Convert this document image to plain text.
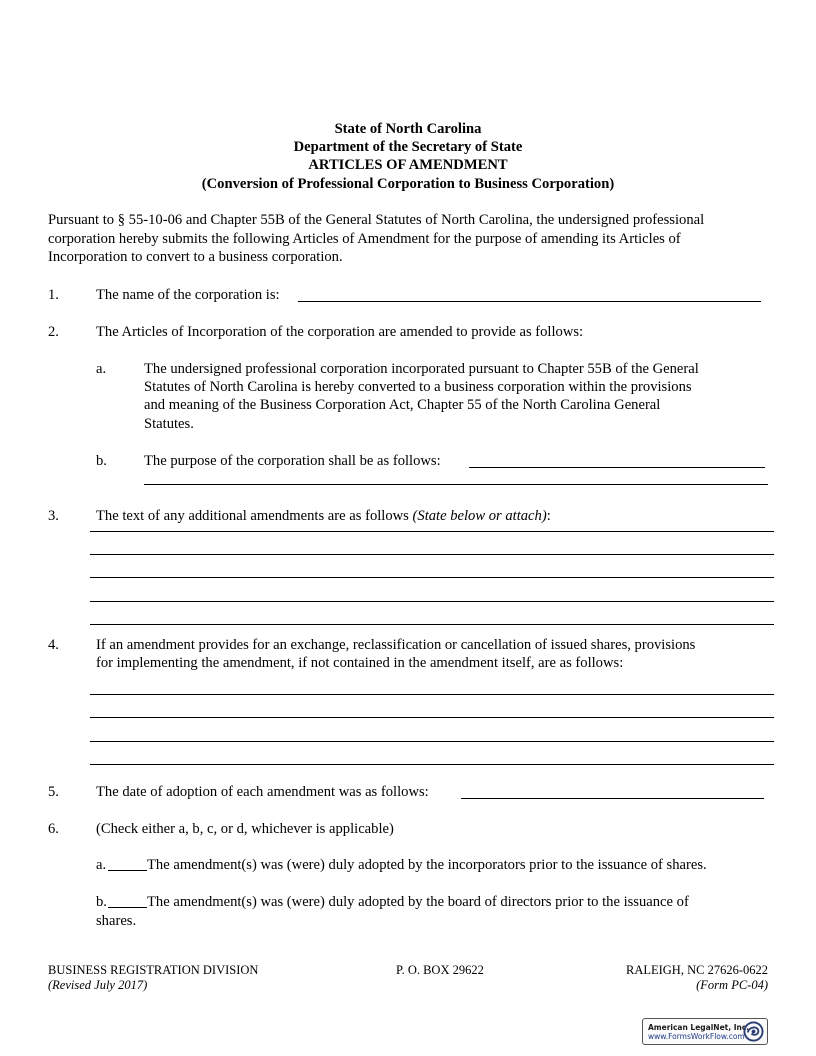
State of North Carolina
Department of the Secretary of State
ARTICLES OF AMENDMENT
(Conversion of Professional Corporation to Business Corporation)
Pursuant to § 55-10-06 and Chapter 55B of the General Statutes of North Carolina, the undersigned professional
corporation hereby submits the following Articles of Amendment for the purpose of amending its Articles of
Incorporation to convert to a business corporation.
1.	The name of the corporation is:
2.	The Articles of Incorporation of the corporation are amended to provide as follows:
a.	The undersigned professional corporation incorporated pursuant to Chapter 55B of the General
Statutes of North Carolina is hereby converted to a business corporation within the provisions
and meaning of the Business Corporation Act, Chapter 55 of the North Carolina General
Statutes.
b.	The purpose of the corporation shall be as follows:
3.	The text of any additional amendments are as follows (State below or attach):
4.	If an amendment provides for an exchange, reclassification or cancellation of issued shares, provisions
for implementing the amendment, if not contained in the amendment itself, are as follows:
5.	The date of adoption of each amendment was as follows:
6.	(Check either a, b, c, or d, whichever is applicable)
a.	The amendment(s) was (were) duly adopted by the incorporators prior to the issuance of shares.
b.	The amendment(s) was (were) duly adopted by the board of directors prior to the issuance of
shares.
BUSINESS REGISTRATION DIVISION
(Revised July 2017)
P. O. BOX 29622	RALEIGH, NC 27626-0622
(Form PC-04)
American LegalNet, Inc.
www.FormsWorkFlow.com
